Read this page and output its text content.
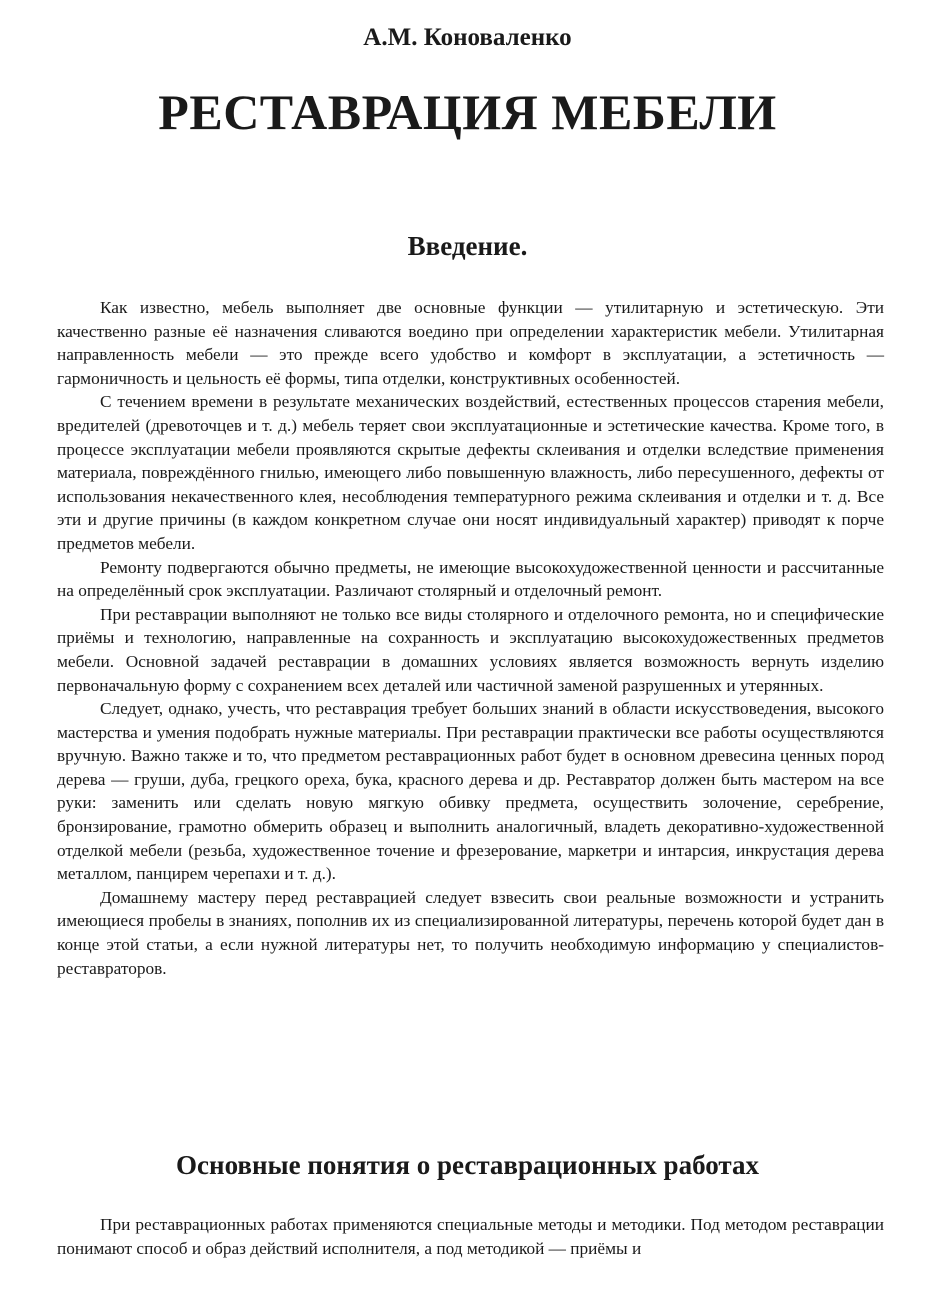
А.М. Коноваленко
РЕСТАВРАЦИЯ МЕБЕЛИ
Введение.

Как известно, мебель выполняет две основные функции — утилитарную и эстетическую. Эти качественно разные её назначения сливаются воедино при определении характеристик мебели. Утилитарная направленность мебели — это прежде всего удобство и комфорт в эксплуатации, а эстетичность — гармоничность и цельность её формы, типа отделки, конструктивных особенностей.

С течением времени в результате механических воздействий, естественных процессов старения мебели, вредителей (древоточцев и т. д.) мебель теряет свои эксплуатационные и эстетические качества. Кроме того, в процессе эксплуатации мебели проявляются скрытые дефекты склеивания и отделки вследствие применения материала, повреждённого гнилью, имеющего либо повышенную влажность, либо пересушенного, дефекты от использования некачественного клея, несоблюдения температурного режима склеивания и отделки и т. д. Все эти и другие причины (в каждом конкретном случае они носят индивидуальный характер) приводят к порче предметов мебели.

Ремонту подвергаются обычно предметы, не имеющие высокохудожественной ценности и рассчитанные на определённый срок эксплуатации. Различают столярный и отделочный ремонт.

При реставрации выполняют не только все виды столярного и отделочного ремонта, но и специфические приёмы и технологию, направленные на сохранность и эксплуатацию высокохудожественных предметов мебели. Основной задачей реставрации в домашних условиях является возможность вернуть изделию первоначальную форму с сохранением всех деталей или частичной заменой разрушенных и утерянных.

Следует, однако, учесть, что реставрация требует больших знаний в области искусствоведения, высокого мастерства и умения подобрать нужные материалы. При реставрации практически все работы осуществляются вручную. Важно также и то, что предметом реставрационных работ будет в основном древесина ценных пород дерева — груши, дуба, грецкого ореха, бука, красного дерева и др. Реставратор должен быть мастером на все руки: заменить или сделать новую мягкую обивку предмета, осуществить золочение, серебрение, бронзирование, грамотно обмерить образец и выполнить аналогичный, владеть декоративно-художественной отделкой мебели (резьба, художественное точение и фрезерование, маркетри и интарсия, инкрустация дерева металлом, панцирем черепахи и т. д.).

Домашнему мастеру перед реставрацией следует взвесить свои реальные возможности и устранить имеющиеся пробелы в знаниях, пополнив их из специализированной литературы, перечень которой будет дан в конце этой статьи, а если нужной литературы нет, то получить необходимую информацию у специалистов-реставраторов.

Основные понятия о реставрационных работах

При реставрационных работах применяются специальные методы и методики. Под методом реставрации понимают способ и образ действий исполнителя, а под методикой — приёмы и
